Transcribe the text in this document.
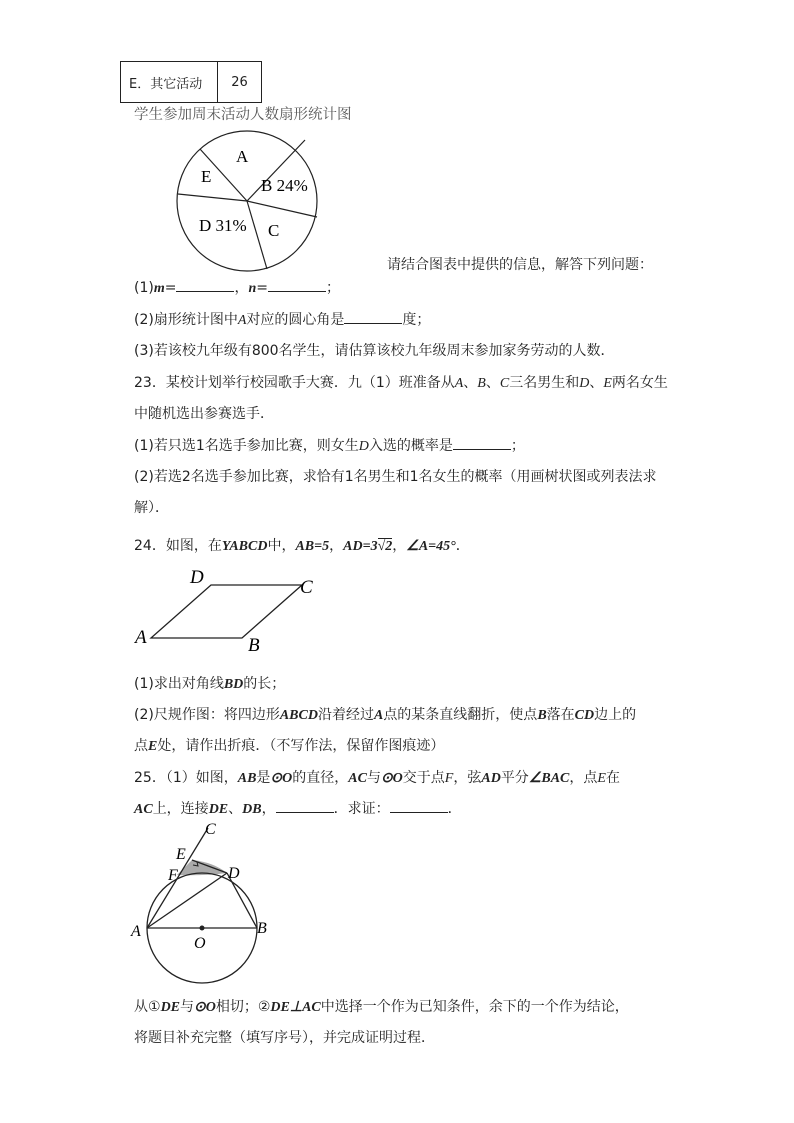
E．其它活动	26
学生参加周末活动人数扇形统计图
A
B 24%
C
D 31%
E
请结合图表中提供的信息，解答下列问题：
(1)m=	，n=	；
(2)扇形统计图中A对应的圆心角是	度；
(3)若该校九年级有800名学生，请估算该校九年级周末参加家务劳动的人数．
23．某校计划举行校园歌手大赛．九（1）班准备从A、B、C三名男生和D、E两名女生
中随机选出参赛选手．
(1)若只选1名选手参加比赛，则女生D入选的概率是	；
(2)若选2名选手参加比赛，求恰有1名男生和1名女生的概率（用画树状图或列表法求
解）．
24．如图，在YABCD中，AB=5，AD=3√2，∠A=45°．
A	B
C
D
(1)求出对角线BD的长；
(2)尺规作图：将四边形ABCD沿着经过A点的某条直线翻折，使点B落在CD边上的
点E处，请作出折痕．（不写作法，保留作图痕迹）
25．（1）如图，AB是⊙O的直径，AC与⊙O交于点F，弦AD平分∠BAC，点E在
AC上，连接DE、DB，	．求证：	．
A	B
C
D
E
F
O
从①DE与⊙O相切；②DE⊥AC中选择一个作为已知条件，余下的一个作为结论，
将题目补充完整（填写序号），并完成证明过程．
